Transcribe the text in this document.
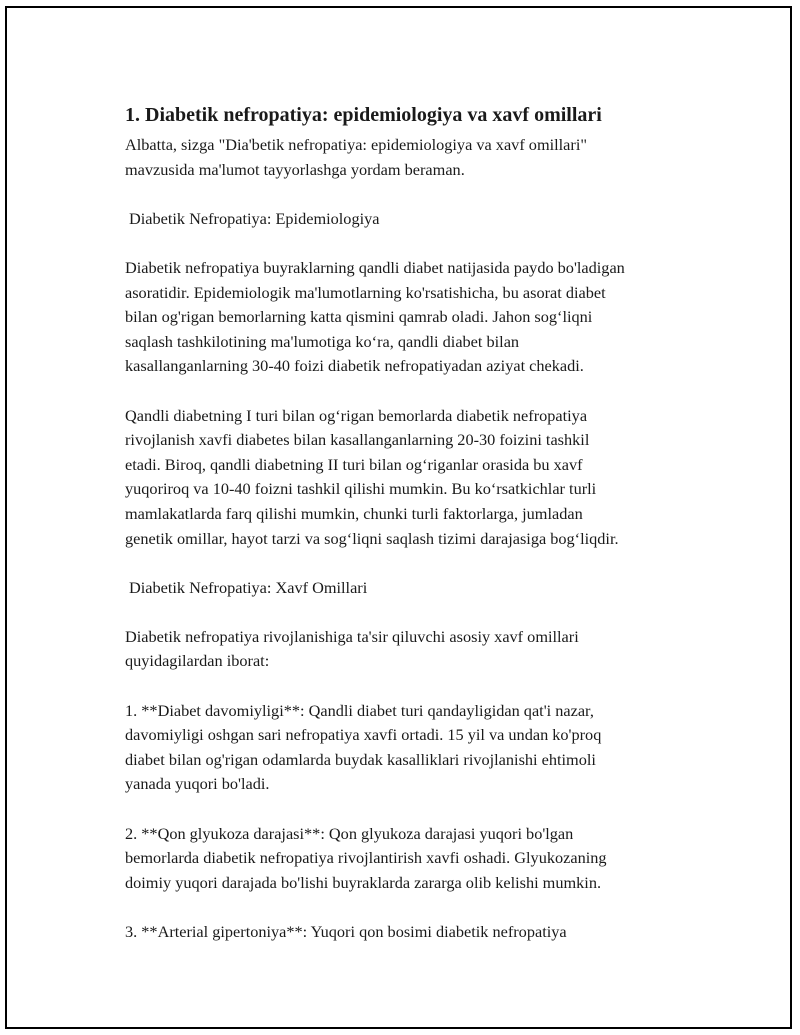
1. Diabetik nefropatiya: epidemiologiya va xavf omillari
Albatta, sizga "Dia'betik nefropatiya: epidemiologiya va xavf omillari"
mavzusida ma'lumot tayyorlashga yordam beraman.
Diabetik Nefropatiya: Epidemiologiya
Diabetik nefropatiya buyraklarning qandli diabet natijasida paydo bo'ladigan
asoratidir. Epidemiologik ma'lumotlarning ko'rsatishicha, bu asorat diabet
bilan og'rigan bemorlarning katta qismini qamrab oladi. Jahon sog‘liqni
saqlash tashkilotining ma'lumotiga ko‘ra, qandli diabet bilan
kasallanganlarning 30-40 foizi diabetik nefropatiyadan aziyat chekadi.
Qandli diabetning I turi bilan og‘rigan bemorlarda diabetik nefropatiya
rivojlanish xavfi diabetes bilan kasallanganlarning 20-30 foizini tashkil
etadi. Biroq, qandli diabetning II turi bilan og‘riganlar orasida bu xavf
yuqoriroq va 10-40 foizni tashkil qilishi mumkin. Bu ko‘rsatkichlar turli
mamlakatlarda farq qilishi mumkin, chunki turli faktorlarga, jumladan
genetik omillar, hayot tarzi va sog‘liqni saqlash tizimi darajasiga bog‘liqdir.
Diabetik Nefropatiya: Xavf Omillari
Diabetik nefropatiya rivojlanishiga ta'sir qiluvchi asosiy xavf omillari
quyidagilardan iborat:
1. **Diabet davomiyligi**: Qandli diabet turi qandayligidan qat'i nazar,
davomiyligi oshgan sari nefropatiya xavfi ortadi. 15 yil va undan ko'proq
diabet bilan og'rigan odamlarda buydak kasalliklari rivojlanishi ehtimoli
yanada yuqori bo'ladi.
2. **Qon glyukoza darajasi**: Qon glyukoza darajasi yuqori bo'lgan
bemorlarda diabetik nefropatiya rivojlantirish xavfi oshadi. Glyukozaning
doimiy yuqori darajada bo'lishi buyraklarda zararga olib kelishi mumkin.
3. **Arterial gipertoniya**: Yuqori qon bosimi diabetik nefropatiya
